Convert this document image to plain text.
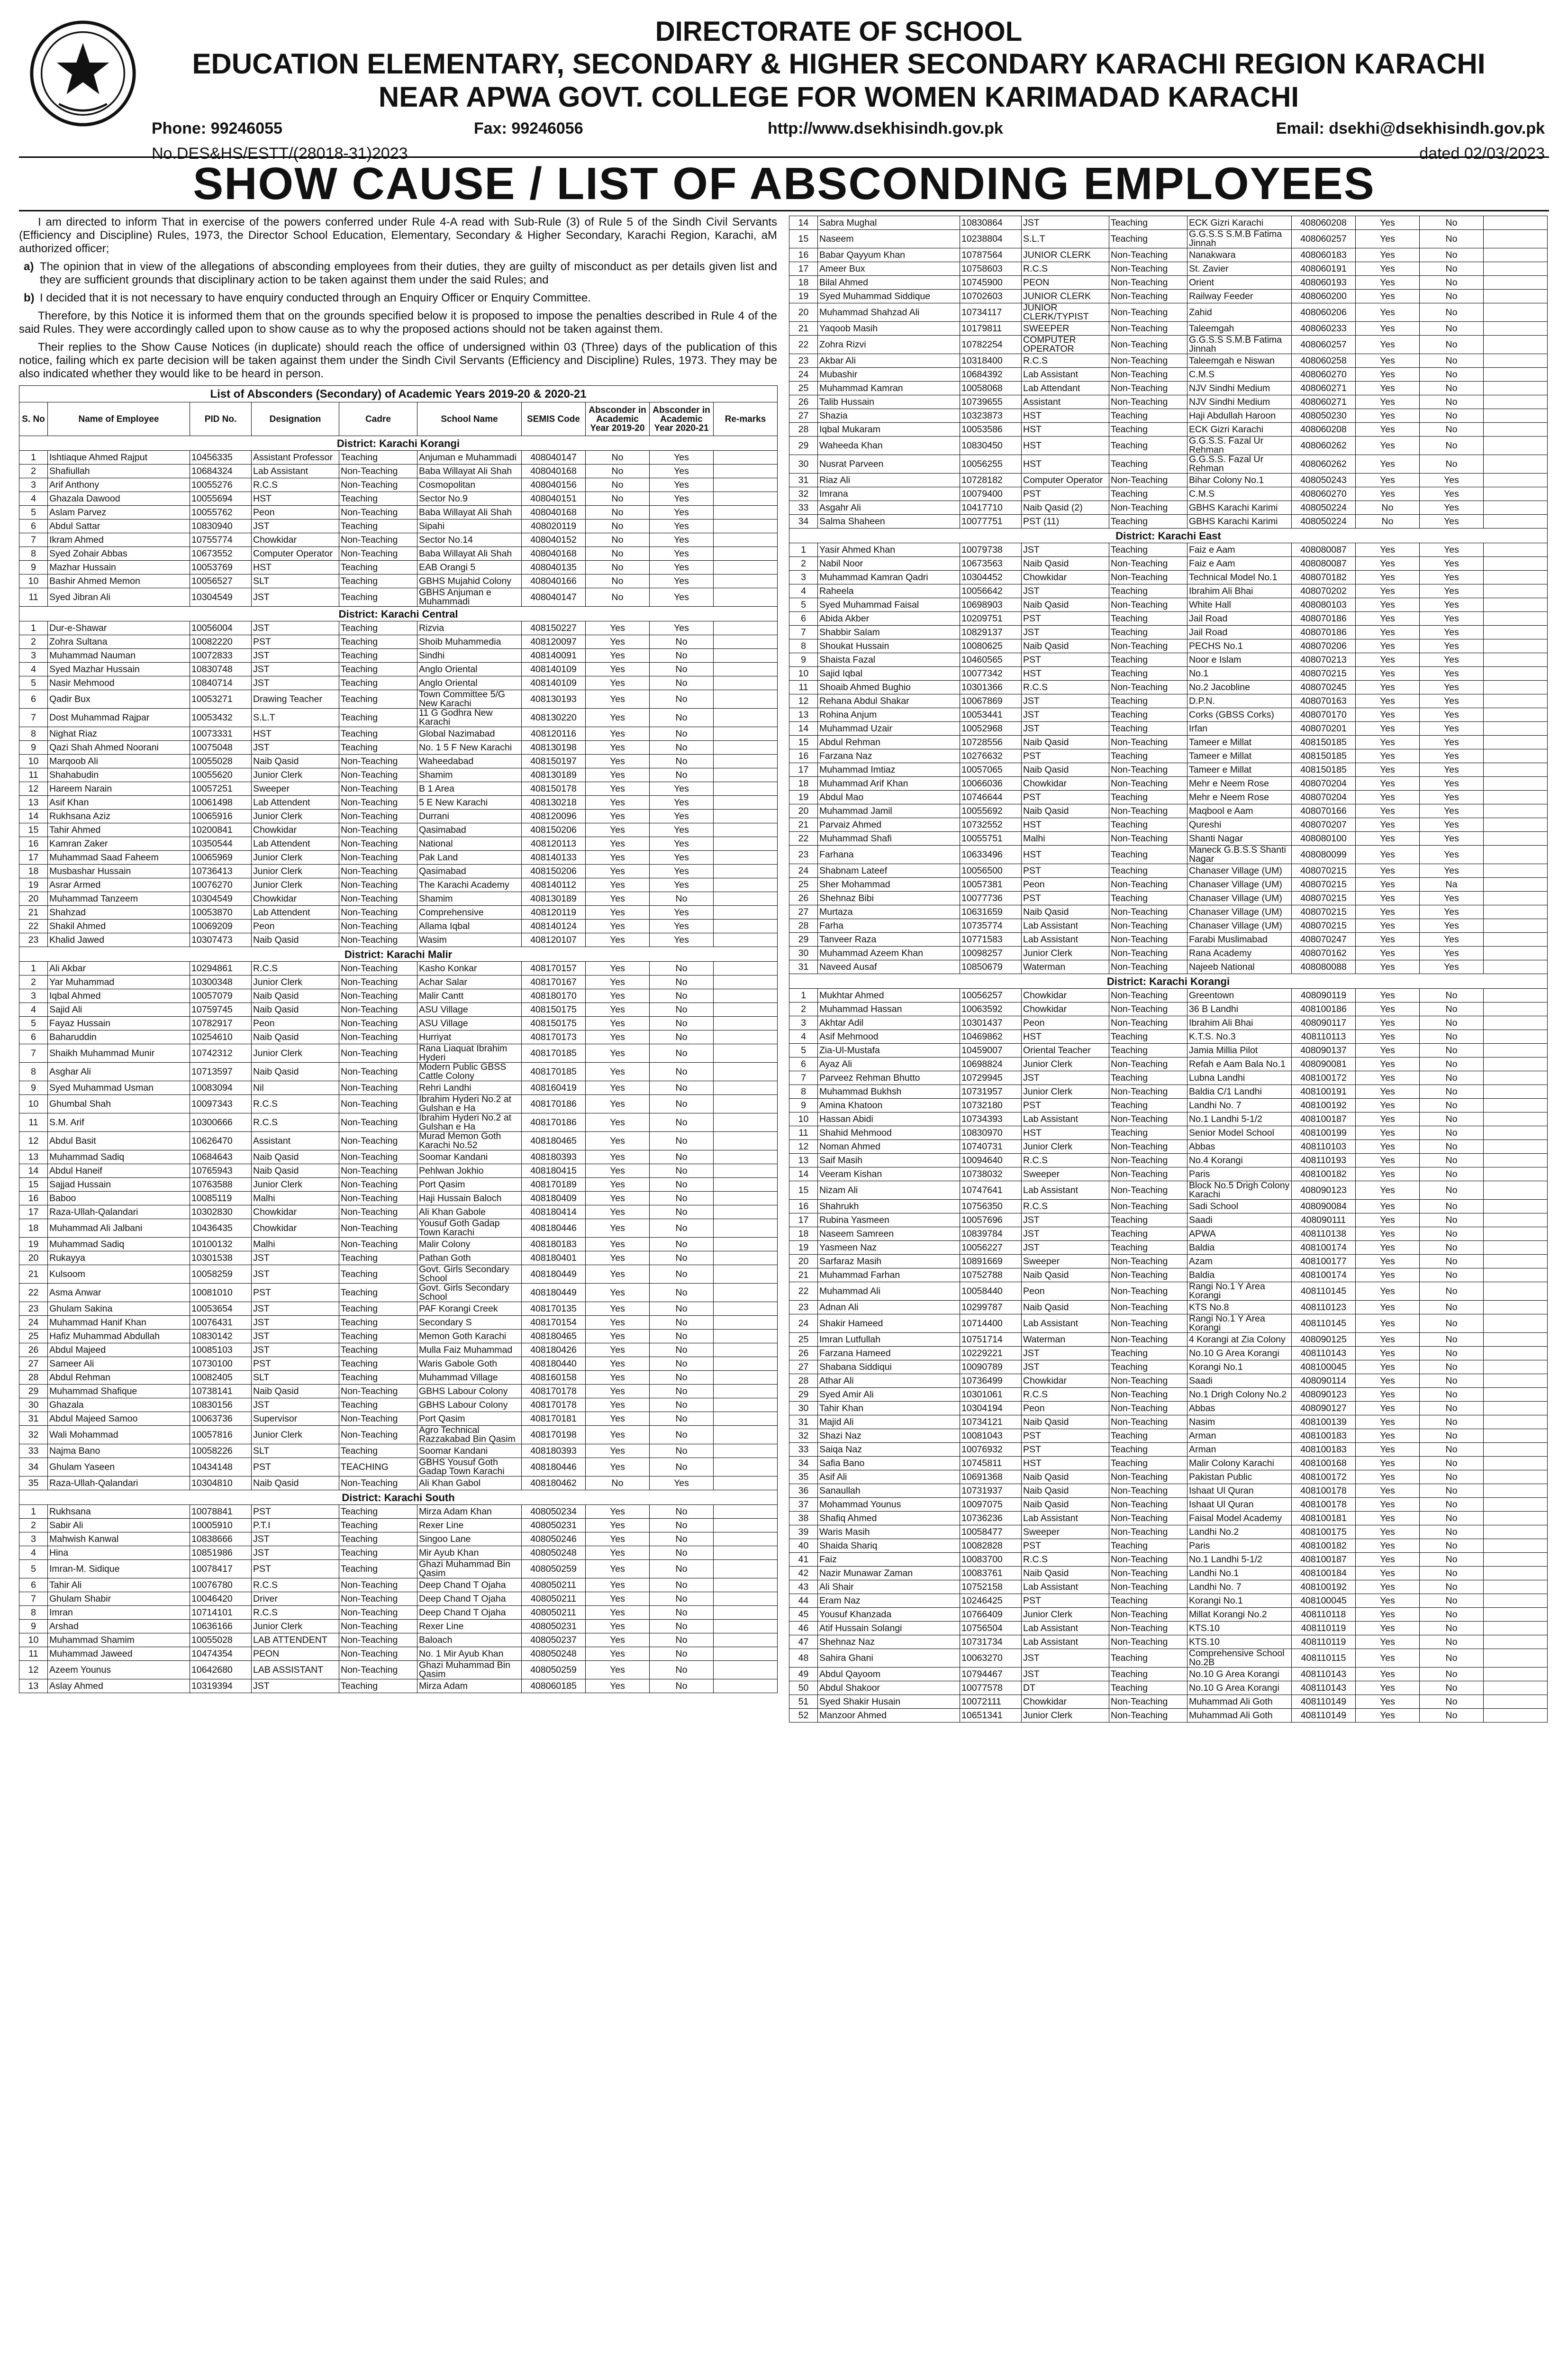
DIRECTORATE OF SCHOOL
EDUCATION ELEMENTARY, SECONDARY & HIGHER SECONDARY KARACHI REGION KARACHI
NEAR APWA GOVT. COLLEGE FOR WOMEN KARIMADAD KARACHI
Phone: 99246055	Fax: 99246056	http://www.dsekhisindh.gov.pk	Email: dsekhi@dsekhisindh.gov.pk
No.DES&HS/ESTT/(28018-31)2023	dated 02/03/2023
SHOW CAUSE / LIST OF ABSCONDING EMPLOYEES

I am directed to inform That in exercise of the powers conferred under Rule 4-A read with Sub-Rule (3) of Rule 5 of the Sindh Civil Servants (Efficiency and Discipline) Rules, 1973, the Director School Education, Elementary, Secondary & Higher Secondary, Karachi Region, Karachi, aM authorized officer;

a) The opinion that in view of the allegations of absconding employees from their duties, they are guilty of misconduct as per details given list and they are sufficient grounds that disciplinary action to be taken against them under the said Rules; and

b) I decided that it is not necessary to have enquiry conducted through an Enquiry Officer or Enquiry Committee.

Therefore, by this Notice it is informed them that on the grounds specified below it is proposed to impose the penalties described in Rule 4 of the said Rules. They were accordingly called upon to show cause as to why the proposed actions should not be taken against them.

Their replies to the Show Cause Notices (in duplicate) should reach the office of undersigned within 03 (Three) days of the publication of this notice, failing which ex parte decision will be taken against them under the Sindh Civil Servants (Efficiency and Discipline) Rules, 1973. They may be also indicated whether they would like to be heard in person.

List of Absconders (Secondary) of Academic Years 2019-20 & 2020-21									
S. No	Name of Employee	PID No.	Designation	Cadre	School Name	SEMIS Code	Absconder in Academic Year 2019-20	Absconder in Academic Year 2020-21	Re-marks
District: Karachi Korangi									
1	Ishtiaque Ahmed Rajput	10456335	Assistant Professor	Teaching	Anjuman e Muhammadi	408040147	No	Yes	
2	Shafiullah	10684324	Lab Assistant	Non-Teaching	Baba Willayat Ali Shah	408040168	No	Yes	
3	Arif Anthony	10055276	R.C.S	Non-Teaching	Cosmopolitan	408040156	No	Yes	
4	Ghazala Dawood	10055694	HST	Teaching	Sector No.9	408040151	No	Yes	
5	Aslam Parvez	10055762	Peon	Non-Teaching	Baba Willayat Ali Shah	408040168	No	Yes	
6	Abdul Sattar	10830940	JST	Teaching	Sipahi	408020119	No	Yes	
7	Ikram Ahmed	10755774	Chowkidar	Non-Teaching	Sector No.14	408040152	No	Yes	
8	Syed Zohair Abbas	10673552	Computer Operator	Non-Teaching	Baba Willayat Ali Shah	408040168	No	Yes	
9	Mazhar Hussain	10053769	HST	Teaching	EAB Orangi 5	408040135	No	Yes	
10	Bashir Ahmed Memon	10056527	SLT	Teaching	GBHS Mujahid Colony	408040166	No	Yes	
11	Syed Jibran Ali	10304549	JST	Teaching	GBHS Anjuman e Muhammadi	408040147	No	Yes	
District: Karachi Central									
1	Dur-e-Shawar	10056004	JST	Teaching	Rizvia	408150227	Yes	Yes	
2	Zohra Sultana	10082220	PST	Teaching	Shoib Muhammedia	408120097	Yes	No	
3	Muhammad Nauman	10072833	JST	Teaching	Sindhi	408140091	Yes	No	
4	Syed Mazhar Hussain	10830748	JST	Teaching	Anglo Oriental	408140109	Yes	No	
5	Nasir Mehmood	10840714	JST	Teaching	Anglo Oriental	408140109	Yes	No	
6	Qadir Bux	10053271	Drawing Teacher	Teaching	Town Committee 5/G New Karachi	408130193	Yes	No	
7	Dost Muhammad Rajpar	10053432	S.L.T	Teaching	11 G Godhra New Karachi	408130220	Yes	No	
8	Nighat Riaz	10073331	HST	Teaching	Global Nazimabad	408120116	Yes	No	
9	Qazi Shah Ahmed Noorani	10075048	JST	Teaching	No. 1 5 F New Karachi	408130198	Yes	No	
10	Marqoob Ali	10055028	Naib Qasid	Non-Teaching	Waheedabad	408150197	Yes	No	
11	Shahabudin	10055620	Junior Clerk	Non-Teaching	Shamim	408130189	Yes	No	
12	Hareem Narain	10057251	Sweeper	Non-Teaching	B 1 Area	408150178	Yes	Yes	
13	Asif Khan	10061498	Lab Attendent	Non-Teaching	5 E New Karachi	408130218	Yes	Yes	
14	Rukhsana Aziz	10065916	Junior Clerk	Non-Teaching	Durrani	408120096	Yes	Yes	
15	Tahir Ahmed	10200841	Chowkidar	Non-Teaching	Qasimabad	408150206	Yes	Yes	
16	Kamran Zaker	10350544	Lab Attendent	Non-Teaching	National	408120113	Yes	Yes	
17	Muhammad Saad Faheem	10065969	Junior Clerk	Non-Teaching	Pak Land	408140133	Yes	Yes	
18	Musbashar Hussain	10736413	Junior Clerk	Non-Teaching	Qasimabad	408150206	Yes	Yes	
19	Asrar Armed	10076270	Junior Clerk	Non-Teaching	The Karachi Academy	408140112	Yes	Yes	
20	Muhammad Tanzeem	10304549	Chowkidar	Non-Teaching	Shamim	408130189	Yes	No	
21	Shahzad	10053870	Lab Attendent	Non-Teaching	Comprehensive	408120119	Yes	Yes	
22	Shakil Ahmed	10069209	Peon	Non-Teaching	Allama Iqbal	408140124	Yes	Yes	
23	Khalid Jawed	10307473	Naib Qasid	Non-Teaching	Wasim	408120107	Yes	Yes	
District: Karachi Malir									
1	Ali Akbar	10294861	R.C.S	Non-Teaching	Kasho Konkar	408170157	Yes	No	
2	Yar Muhammad	10300348	Junior Clerk	Non-Teaching	Achar Salar	408170167	Yes	No	
3	Iqbal Ahmed	10057079	Naib Qasid	Non-Teaching	Malir Cantt	408180170	Yes	No	
4	Sajid Ali	10759745	Naib Qasid	Non-Teaching	ASU Village	408150175	Yes	No	
5	Fayaz Hussain	10782917	Peon	Non-Teaching	ASU Village	408150175	Yes	No	
6	Baharuddin	10254610	Naib Qasid	Non-Teaching	Hurriyat	408170173	Yes	No	
7	Shaikh Muhammad Munir	10742312	Junior Clerk	Non-Teaching	Rana Liaquat Ibrahim Hyderi	408170185	Yes	No	
8	Asghar Ali	10713597	Naib Qasid	Non-Teaching	Modern Public GBSS Cattle Colony	408170185	Yes	No	
9	Syed Muhammad Usman	10083094	Nil	Non-Teaching	Rehri Landhi	408160419	Yes	No	
10	Ghumbal Shah	10097343	R.C.S	Non-Teaching	Ibrahim Hyderi No.2 at Gulshan e Ha	408170186	Yes	No	
11	S.M. Arif	10300666	R.C.S	Non-Teaching	Ibrahim Hyderi No.2 at Gulshan e Ha	408170186	Yes	No	
12	Abdul Basit	10626470	Assistant	Non-Teaching	Murad Memon Goth Karachi No.52	408180465	Yes	No	
13	Muhammad Sadiq	10684643	Naib Qasid	Non-Teaching	Soomar Kandani	408180393	Yes	No	
14	Abdul Haneif	10765943	Naib Qasid	Non-Teaching	Pehlwan Jokhio	408180415	Yes	No	
15	Sajjad Hussain	10763588	Junior Clerk	Non-Teaching	Port Qasim	408170189	Yes	No	
16	Baboo	10085119	Malhi	Non-Teaching	Haji Hussain Baloch	408180409	Yes	No	
17	Raza-Ullah-Qalandari	10302830	Chowkidar	Non-Teaching	Ali Khan Gabole	408180414	Yes	No	
18	Muhammad Ali Jalbani	10436435	Chowkidar	Non-Teaching	Yousuf Goth Gadap Town Karachi	408180446	Yes	No	
19	Muhammad Sadiq	10100132	Malhi	Non-Teaching	Malir Colony	408180183	Yes	No	
20	Rukayya	10301538	JST	Teaching	Pathan Goth	408180401	Yes	No	
21	Kulsoom	10058259	JST	Teaching	Govt. Girls Secondary School	408180449	Yes	No	
22	Asma Anwar	10081010	PST	Teaching	Govt. Girls Secondary School	408180449	Yes	No	
23	Ghulam Sakina	10053654	JST	Teaching	PAF Korangi Creek	408170135	Yes	No	
24	Muhammad Hanif Khan	10076431	JST	Teaching	Secondary S	408170154	Yes	No	
25	Hafiz Muhammad Abdullah	10830142	JST	Teaching	Memon Goth Karachi	408180465	Yes	No	
26	Abdul Majeed	10085103	JST	Teaching	Mulla Faiz Muhammad	408180426	Yes	No	
27	Sameer Ali	10730100	PST	Teaching	Waris Gabole Goth	408180440	Yes	No	
28	Abdul Rehman	10082405	SLT	Teaching	Muhammad Village	408160158	Yes	No	
29	Muhammad Shafique	10738141	Naib Qasid	Non-Teaching	GBHS Labour Colony	408170178	Yes	No	
30	Ghazala	10830156	JST	Teaching	GBHS Labour Colony	408170178	Yes	No	
31	Abdul Majeed Samoo	10063736	Supervisor	Non-Teaching	Port Qasim	408170181	Yes	No	
32	Wali Mohammad	10057816	Junior Clerk	Non-Teaching	Agro Technical Razzakabad Bin Qasim	408170198	Yes	No	
33	Najma Bano	10058226	SLT	Teaching	Soomar Kandani	408180393	Yes	No	
34	Ghulam Yaseen	10434148	PST	TEACHING	GBHS Yousuf Goth Gadap Town Karachi	408180446	Yes	No	
35	Raza-Ullah-Qalandari	10304810	Naib Qasid	Non-Teaching	Ali Khan Gabol	408180462	No	Yes	
District: Karachi South									
1	Rukhsana	10078841	PST	Teaching	Mirza Adam Khan	408050234	Yes	No	
2	Sabir Ali	10005910	P.T.I	Teaching	Rexer Line	408050231	Yes	No	
3	Mahwish Kanwal	10838666	JST	Teaching	Singoo Lane	408050246	Yes	No	
4	Hina	10851986	JST	Teaching	Mir Ayub Khan	408050248	Yes	No	
5	Imran-M. Sidique	10078417	PST	Teaching	Ghazi Muhammad Bin Qasim	408050259	Yes	No	
6	Tahir Ali	10076780	R.C.S	Non-Teaching	Deep Chand T Ojaha	408050211	Yes	No	
7	Ghulam Shabir	10046420	Driver	Non-Teaching	Deep Chand T Ojaha	408050211	Yes	No	
8	Imran	10714101	R.C.S	Non-Teaching	Deep Chand T Ojaha	408050211	Yes	No	
9	Arshad	10636166	Junior Clerk	Non-Teaching	Rexer Line	408050231	Yes	No	
10	Muhammad Shamim	10055028	LAB ATTENDENT	Non-Teaching	Baloach	408050237	Yes	No	
11	Muhammad Jaweed	10474354	PEON	Non-Teaching	No. 1 Mir Ayub Khan	408050248	Yes	No	
12	Azeem Younus	10642680	LAB ASSISTANT	Non-Teaching	Ghazi Muhammad Bin Qasim	408050259	Yes	No	
13	Aslay Ahmed	10319394	JST	Teaching	Mirza Adam	408060185	Yes	No	
14	Sabra Mughal	10830864	JST	Teaching	ECK Gizri Karachi	408060208	Yes	No	
15	Naseem	10238804	S.L.T	Teaching	G.G.S.S S.M.B Fatima Jinnah	408060257	Yes	No	
16	Babar Qayyum Khan	10787564	JUNIOR CLERK	Non-Teaching	Nanakwara	408060183	Yes	No	
17	Ameer Bux	10758603	R.C.S	Non-Teaching	St. Zavier	408060191	Yes	No	
18	Bilal Ahmed	10745900	PEON	Non-Teaching	Orient	408060193	Yes	No	
19	Syed Muhammad Siddique	10702603	JUNIOR CLERK	Non-Teaching	Railway Feeder	408060200	Yes	No	
20	Muhammad Shahzad Ali	10734117	JUNIOR CLERK/TYPIST	Non-Teaching	Zahid	408060206	Yes	No	
21	Yaqoob Masih	10179811	SWEEPER	Non-Teaching	Taleemgah	408060233	Yes	No	
22	Zohra Rizvi	10782254	COMPUTER OPERATOR	Non-Teaching	G.G.S.S S.M.B Fatima Jinnah	408060257	Yes	No	
23	Akbar Ali	10318400	R.C.S	Non-Teaching	Taleemgah e Niswan	408060258	Yes	No	
24	Mubashir	10684392	Lab Assistant	Non-Teaching	C.M.S	408060270	Yes	No	
25	Muhammad Kamran	10058068	Lab Attendant	Non-Teaching	NJV Sindhi Medium	408060271	Yes	No	
26	Talib Hussain	10739655	Assistant	Non-Teaching	NJV Sindhi Medium	408060271	Yes	No	
27	Shazia	10323873	HST	Teaching	Haji Abdullah Haroon	408050230	Yes	No	
28	Iqbal Mukaram	10053586	HST	Teaching	ECK Gizri Karachi	408060208	Yes	No	
29	Waheeda Khan	10830450	HST	Teaching	G.G.S.S. Fazal Ur Rehman	408060262	Yes	No	
30	Nusrat Parveen	10056255	HST	Teaching	G.G.S.S. Fazal Ur Rehman	408060262	Yes	No	
31	Riaz Ali	10728182	Computer Operator	Non-Teaching	Bihar Colony No.1	408050243	Yes	Yes	
32	Imrana	10079400	PST	Teaching	C.M.S	408060270	Yes	Yes	
33	Asgahr Ali	10417710	Naib Qasid (2)	Non-Teaching	GBHS Karachi Karimi	408050224	No	Yes	
34	Salma Shaheen	10077751	PST (11)	Teaching	GBHS Karachi Karimi	408050224	No	Yes	
District: Karachi East									
1	Yasir Ahmed Khan	10079738	JST	Teaching	Faiz e Aam	408080087	Yes	Yes	
2	Nabil Noor	10673563	Naib Qasid	Non-Teaching	Faiz e Aam	408080087	Yes	Yes	
3	Muhammad Kamran Qadri	10304452	Chowkidar	Non-Teaching	Technical Model No.1	408070182	Yes	Yes	
4	Raheela	10056642	JST	Teaching	Ibrahim Ali Bhai	408070202	Yes	Yes	
5	Syed Muhammad Faisal	10698903	Naib Qasid	Non-Teaching	White Hall	408080103	Yes	Yes	
6	Abida Akber	10209751	PST	Teaching	Jail Road	408070186	Yes	Yes	
7	Shabbir Salam	10829137	JST	Teaching	Jail Road	408070186	Yes	Yes	
8	Shoukat Hussain	10080625	Naib Qasid	Non-Teaching	PECHS No.1	408070206	Yes	Yes	
9	Shaista Fazal	10460565	PST	Teaching	Noor e Islam	408070213	Yes	Yes	
10	Sajid Iqbal	10077342	HST	Teaching	No.1	408070215	Yes	Yes	
11	Shoaib Ahmed Bughio	10301366	R.C.S	Non-Teaching	No.2 Jacobline	408070245	Yes	Yes	
12	Rehana Abdul Shakar	10067869	JST	Teaching	D.P.N.	408070163	Yes	Yes	
13	Rohina Anjum	10053441	JST	Teaching	Corks (GBSS Corks)	408070170	Yes	Yes	
14	Muhammad Uzair	10052968	JST	Teaching	Irfan	408070201	Yes	Yes	
15	Abdul Rehman	10728556	Naib Qasid	Non-Teaching	Tameer e Millat	408150185	Yes	Yes	
16	Farzana Naz	10276632	PST	Teaching	Tameer e Millat	408150185	Yes	Yes	
17	Muhammad Imtiaz	10057065	Naib Qasid	Non-Teaching	Tameer e Millat	408150185	Yes	Yes	
18	Muhammad Arif Khan	10066036	Chowkidar	Non-Teaching	Mehr e Neem Rose	408070204	Yes	Yes	
19	Abdul Mao	10746644	PST	Teaching	Mehr e Neem Rose	408070204	Yes	Yes	
20	Muhammad Jamil	10055692	Naib Qasid	Non-Teaching	Maqbool e Aam	408070166	Yes	Yes	
21	Parvaiz Ahmed	10732552	HST	Teaching	Qureshi	408070207	Yes	Yes	
22	Muhammad Shafi	10055751	Malhi	Non-Teaching	Shanti Nagar	408080100	Yes	Yes	
23	Farhana	10633496	HST	Teaching	Maneck G.B.S.S Shanti Nagar	408080099	Yes	Yes	
24	Shabnam Lateef	10056500	PST	Teaching	Chanaser Village (UM)	408070215	Yes	Yes	
25	Sher Mohammad	10057381	Peon	Non-Teaching	Chanaser Village (UM)	408070215	Yes	Na	
26	Shehnaz Bibi	10077736	PST	Teaching	Chanaser Village (UM)	408070215	Yes	Yes	
27	Murtaza	10631659	Naib Qasid	Non-Teaching	Chanaser Village (UM)	408070215	Yes	Yes	
28	Farha	10735774	Lab Assistant	Non-Teaching	Chanaser Village (UM)	408070215	Yes	Yes	
29	Tanveer Raza	10771583	Lab Assistant	Non-Teaching	Farabi Muslimabad	408070247	Yes	Yes	
30	Muhammad Azeem Khan	10098257	Junior Clerk	Non-Teaching	Rana Academy	408070162	Yes	Yes	
31	Naveed Ausaf	10850679	Waterman	Non-Teaching	Najeeb National	408080088	Yes	Yes	
District: Karachi Korangi									
1	Mukhtar Ahmed	10056257	Chowkidar	Non-Teaching	Greentown	408090119	Yes	No	
2	Muhammad Hassan	10063592	Chowkidar	Non-Teaching	36 B Landhi	408100186	Yes	No	
3	Akhtar Adil	10301437	Peon	Non-Teaching	Ibrahim Ali Bhai	408090117	Yes	No	
4	Asif Mehmood	10469862	HST	Teaching	K.T.S. No.3	408110113	Yes	No	
5	Zia-Ul-Mustafa	10459007	Oriental Teacher	Teaching	Jamia Millia Pilot	408090137	Yes	No	
6	Ayaz Ali	10698824	Junior Clerk	Non-Teaching	Refah e Aam Bala No.1	408090081	Yes	No	
7	Parveez Rehman Bhutto	10729945	JST	Teaching	Lubna Landhi	408100172	Yes	No	
8	Muhammad Bukhsh	10731957	Junior Clerk	Non-Teaching	Baldia C/1 Landhi	408100191	Yes	No	
9	Amina Khatoon	10732180	PST	Teaching	Landhi No. 7	408100192	Yes	No	
10	Hassan Abidi	10734393	Lab Assistant	Non-Teaching	No.1 Landhi 5-1/2	408100187	Yes	No	
11	Shahid Mehmood	10830970	HST	Teaching	Senior Model School	408100199	Yes	No	
12	Noman Ahmed	10740731	Junior Clerk	Non-Teaching	Abbas	408110103	Yes	No	
13	Saif Masih	10094640	R.C.S	Non-Teaching	No.4 Korangi	408110193	Yes	No	
14	Veeram Kishan	10738032	Sweeper	Non-Teaching	Paris	408100182	Yes	No	
15	Nizam Ali	10747641	Lab Assistant	Non-Teaching	Block No.5 Drigh Colony Karachi	408090123	Yes	No	
16	Shahrukh	10756350	R.C.S	Non-Teaching	Sadi School	408090084	Yes	No	
17	Rubina Yasmeen	10057696	JST	Teaching	Saadi	408090111	Yes	No	
18	Naseem Samreen	10839784	JST	Teaching	APWA	408110138	Yes	No	
19	Yasmeen Naz	10056227	JST	Teaching	Baldia	408100174	Yes	No	
20	Sarfaraz Masih	10891669	Sweeper	Non-Teaching	Azam	408100177	Yes	No	
21	Muhammad Farhan	10752788	Naib Qasid	Non-Teaching	Baldia	408100174	Yes	No	
22	Muhammad Ali	10058440	Peon	Non-Teaching	Rangi No.1 Y Area Korangi	408110145	Yes	No	
23	Adnan Ali	10299787	Naib Qasid	Non-Teaching	KTS No.8	408110123	Yes	No	
24	Shakir Hameed	10714400	Lab Assistant	Non-Teaching	Rangi No.1 Y Area Korangi	408110145	Yes	No	
25	Imran Lutfullah	10751714	Waterman	Non-Teaching	4 Korangi at Zia Colony	408090125	Yes	No	
26	Farzana Hameed	10229221	JST	Teaching	No.10 G Area Korangi	408110143	Yes	No	
27	Shabana Siddiqui	10090789	JST	Teaching	Korangi No.1	408100045	Yes	No	
28	Athar Ali	10736499	Chowkidar	Non-Teaching	Saadi	408090114	Yes	No	
29	Syed Amir Ali	10301061	R.C.S	Non-Teaching	No.1 Drigh Colony No.2	408090123	Yes	No	
30	Tahir Khan	10304194	Peon	Non-Teaching	Abbas	408090127	Yes	No	
31	Majid Ali	10734121	Naib Qasid	Non-Teaching	Nasim	408100139	Yes	No	
32	Shazi Naz	10081043	PST	Teaching	Arman	408100183	Yes	No	
33	Saiqa Naz	10076932	PST	Teaching	Arman	408100183	Yes	No	
34	Safia Bano	10745811	HST	Teaching	Malir Colony Karachi	408100168	Yes	No	
35	Asif Ali	10691368	Naib Qasid	Non-Teaching	Pakistan Public	408100172	Yes	No	
36	Sanaullah	10731937	Naib Qasid	Non-Teaching	Ishaat Ul Quran	408100178	Yes	No	
37	Mohammad Younus	10097075	Naib Qasid	Non-Teaching	Ishaat Ul Quran	408100178	Yes	No	
38	Shafiq Ahmed	10736236	Lab Assistant	Non-Teaching	Faisal Model Academy	408100181	Yes	No	
39	Waris Masih	10058477	Sweeper	Non-Teaching	Landhi No.2	408100175	Yes	No	
40	Shaida Shariq	10082828	PST	Teaching	Paris	408100182	Yes	No	
41	Faiz	10083700	R.C.S	Non-Teaching	No.1 Landhi 5-1/2	408100187	Yes	No	
42	Nazir Munawar Zaman	10083761	Naib Qasid	Non-Teaching	Landhi No.1	408100184	Yes	No	
43	Ali Shair	10752158	Lab Assistant	Non-Teaching	Landhi No. 7	408100192	Yes	No	
44	Eram Naz	10246425	PST	Teaching	Korangi No.1	408100045	Yes	No	
45	Yousuf Khanzada	10766409	Junior Clerk	Non-Teaching	Millat Korangi No.2	408110118	Yes	No	
46	Atif Hussain Solangi	10756504	Lab Assistant	Non-Teaching	KTS.10	408110119	Yes	No	
47	Shehnaz Naz	10731734	Lab Assistant	Non-Teaching	KTS.10	408110119	Yes	No	
48	Sahira Ghani	10063270	JST	Teaching	Comprehensive School No.2B	408110115	Yes	No	
49	Abdul Qayoom	10794467	JST	Teaching	No.10 G Area Korangi	408110143	Yes	No	
50	Abdul Shakoor	10077578	DT	Teaching	No.10 G Area Korangi	408110143	Yes	No	
51	Syed Shakir Husain	10072111	Chowkidar	Non-Teaching	Muhammad Ali Goth	408110149	Yes	No	
52	Manzoor Ahmed	10651341	Junior Clerk	Non-Teaching	Muhammad Ali Goth	408110149	Yes	No	
